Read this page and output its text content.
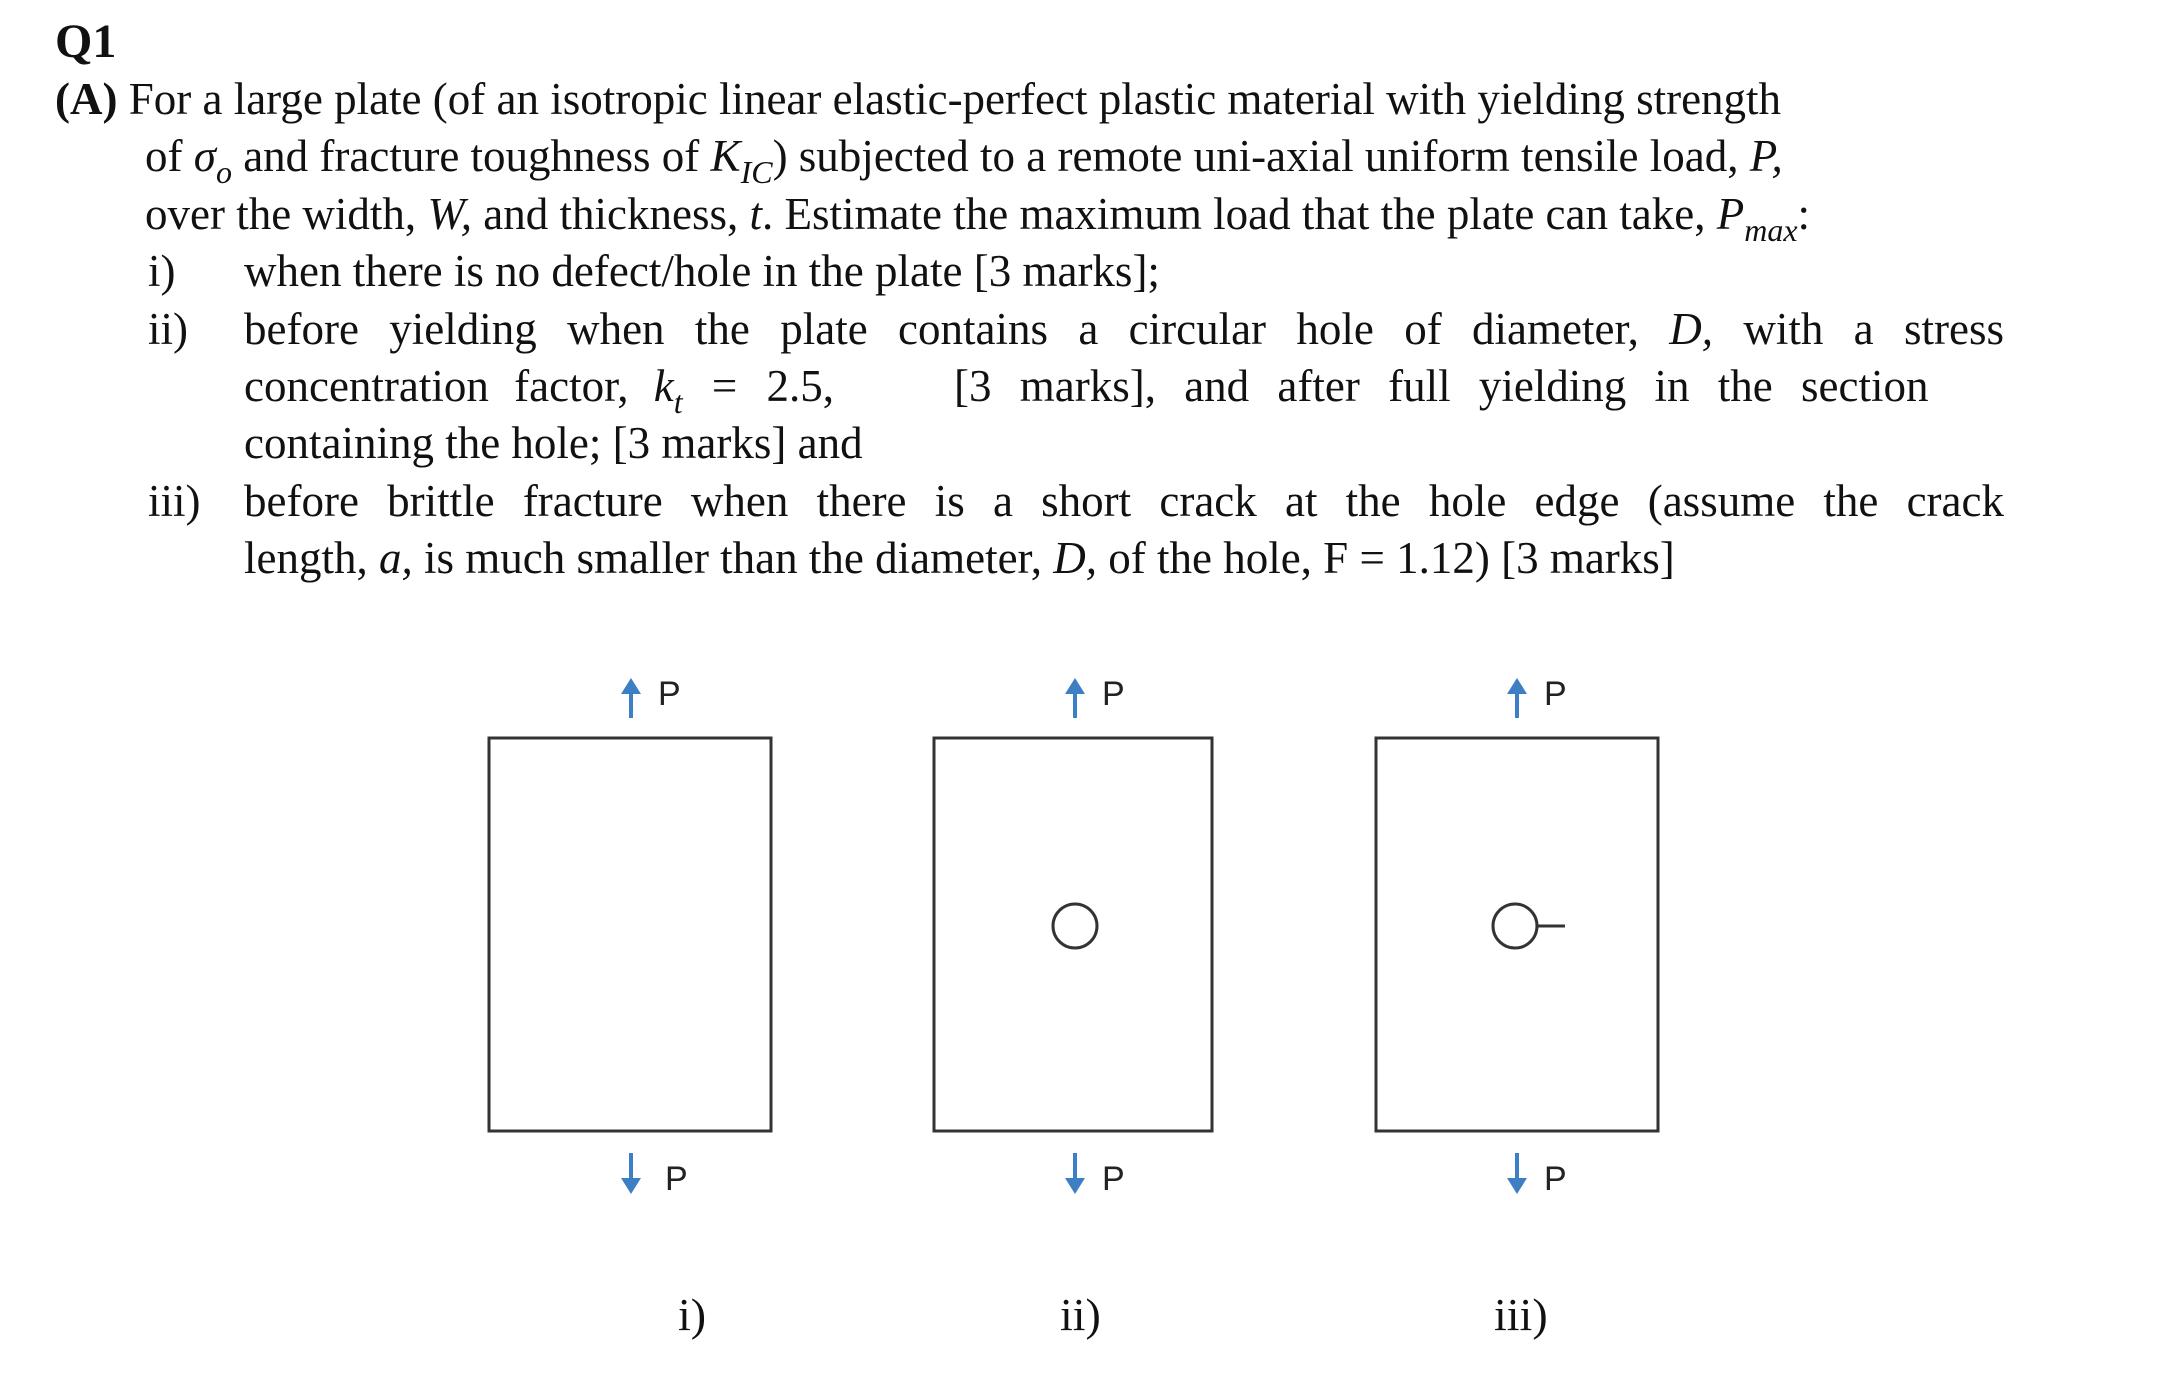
Q1
(A) For a large plate (of an isotropic linear elastic-perfect plastic material with yielding strength
of $\sigma_o$ and fracture toughness of $K_{IC}$) subjected to a remote uni-axial uniform tensile load, P,
over the width, W, and thickness, t. Estimate the maximum load that the plate can take, $P_{max}$:
i) when there is no defect/hole in the plate [3 marks];
ii) before yielding when the plate contains a circular hole of diameter, D, with a stress
concentration factor, $k_t = 2.5$,	[3 marks], and after full yielding in the section
containing the hole; [3 marks] and
iii) before brittle fracture when there is a short crack at the hole edge (assume the crack
length, a, is much smaller than the diameter, D, of the hole, F = 1.12) [3 marks]
P
P
i)
P
P
ii)
P
P
iii)
